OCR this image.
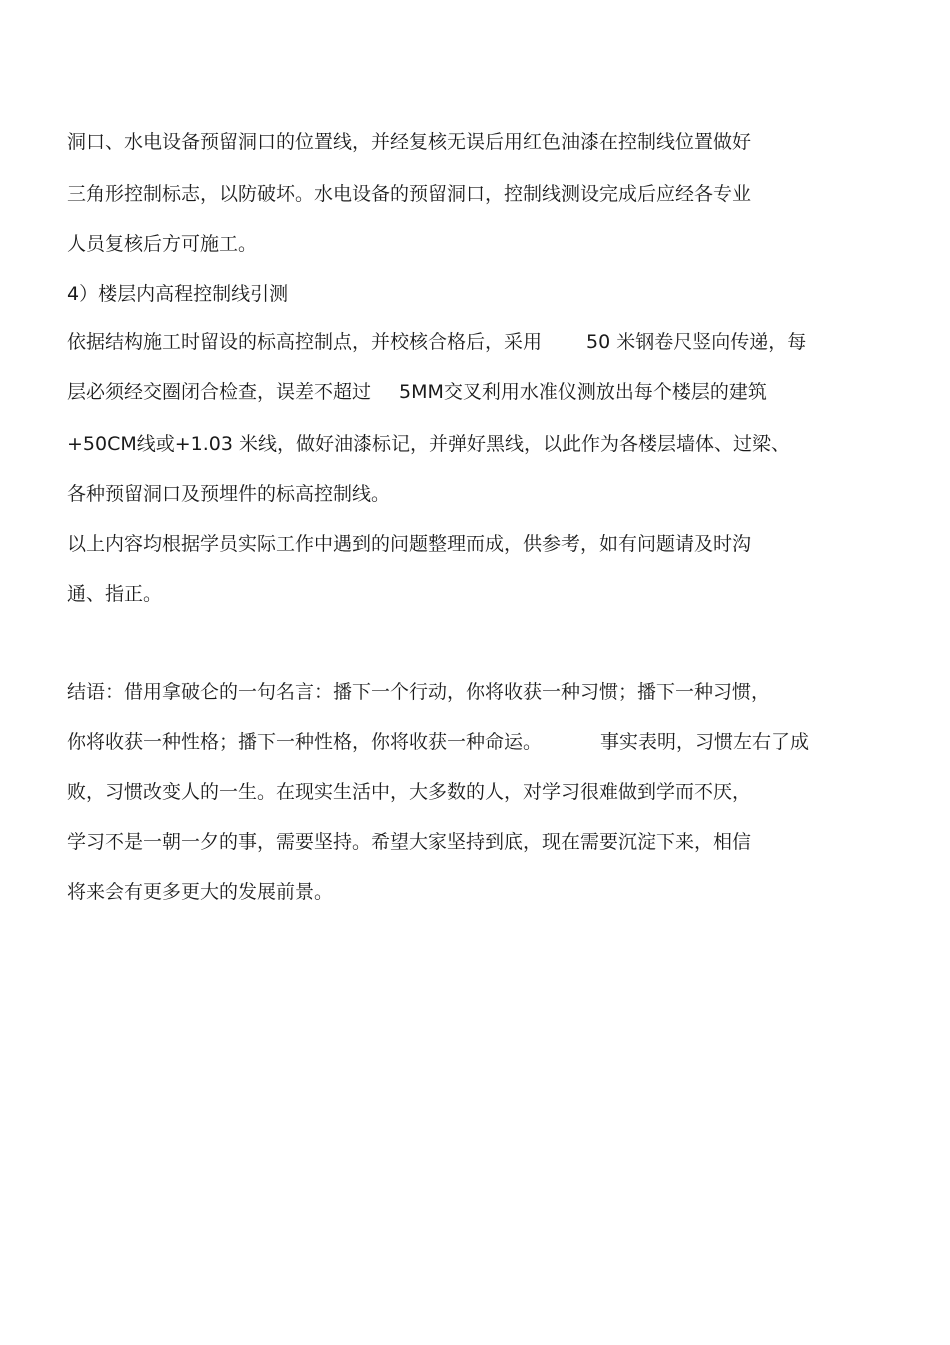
洞口、水电设备预留洞口的位置线，并经复核无误后用红色油漆在控制线位置做好
三角形控制标志，以防破坏。水电设备的预留洞口，控制线测设完成后应经各专业
人员复核后方可施工。
4）楼层内高程控制线引测
依据结构施工时留设的标高控制点，并校核合格后，采用 50 米钢卷尺竖向传递，每
层必须经交圈闭合检查，误差不超过 5MM交叉利用水准仪测放出每个楼层的建筑
+50CM线或+1.03 米线，做好油漆标记，并弹好黑线，以此作为各楼层墙体、过梁、
各种预留洞口及预埋件的标高控制线。
以上内容均根据学员实际工作中遇到的问题整理而成，供参考，如有问题请及时沟
通、指正。
结语：借用拿破仑的一句名言：播下一个行动，你将收获一种习惯；播下一种习惯，
你将收获一种性格；播下一种性格，你将收获一种命运。	事实表明，习惯左右了成
败，习惯改变人的一生。在现实生活中，大多数的人，对学习很难做到学而不厌，
学习不是一朝一夕的事，需要坚持。希望大家坚持到底，现在需要沉淀下来，相信
将来会有更多更大的发展前景。
